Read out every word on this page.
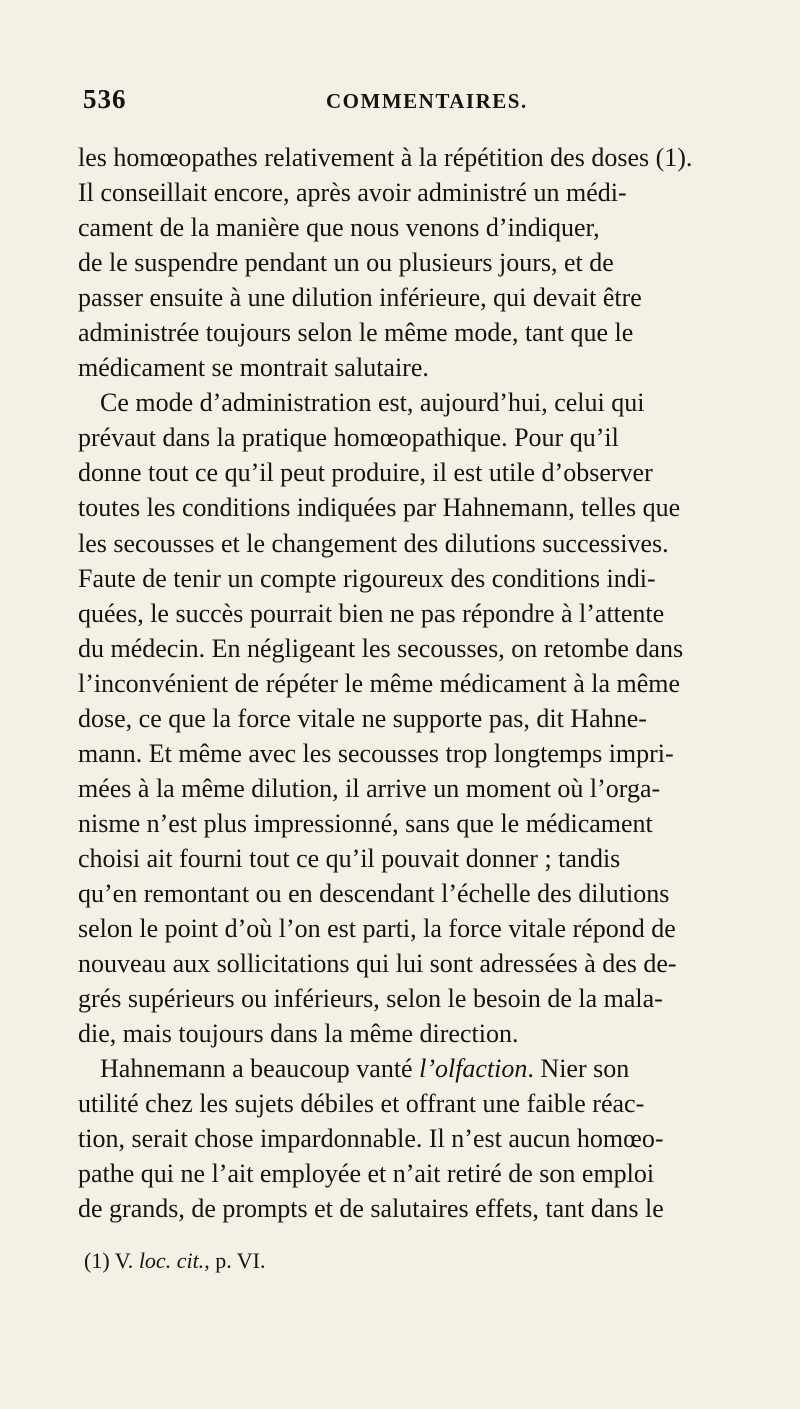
536	COMMENTAIRES.
les homœopathes relativement à la répétition des doses (1).
Il conseillait encore, après avoir administré un médi-
cament de la manière que nous venons d’indiquer,
de le suspendre pendant un ou plusieurs jours, et de
passer ensuite à une dilution inférieure, qui devait être
administrée toujours selon le même mode, tant que le
médicament se montrait salutaire.
Ce mode d’administration est, aujourd’hui, celui qui
prévaut dans la pratique homœopathique. Pour qu’il
donne tout ce qu’il peut produire, il est utile d’observer
toutes les conditions indiquées par Hahnemann, telles que
les secousses et le changement des dilutions successives.
Faute de tenir un compte rigoureux des conditions indi-
quées, le succès pourrait bien ne pas répondre à l’attente
du médecin. En négligeant les secousses, on retombe dans
l’inconvénient de répéter le même médicament à la même
dose, ce que la force vitale ne supporte pas, dit Hahne-
mann. Et même avec les secousses trop longtemps impri-
mées à la même dilution, il arrive un moment où l’orga-
nisme n’est plus impressionné, sans que le médicament
choisi ait fourni tout ce qu’il pouvait donner ; tandis
qu’en remontant ou en descendant l’échelle des dilutions
selon le point d’où l’on est parti, la force vitale répond de
nouveau aux sollicitations qui lui sont adressées à des de-
grés supérieurs ou inférieurs, selon le besoin de la mala-
die, mais toujours dans la même direction.
Hahnemann a beaucoup vanté l’olfaction. Nier son
utilité chez les sujets débiles et offrant une faible réac-
tion, serait chose impardonnable. Il n’est aucun homœo-
pathe qui ne l’ait employée et n’ait retiré de son emploi
de grands, de prompts et de salutaires effets, tant dans le
(1) V. loc. cit., p. VI.
